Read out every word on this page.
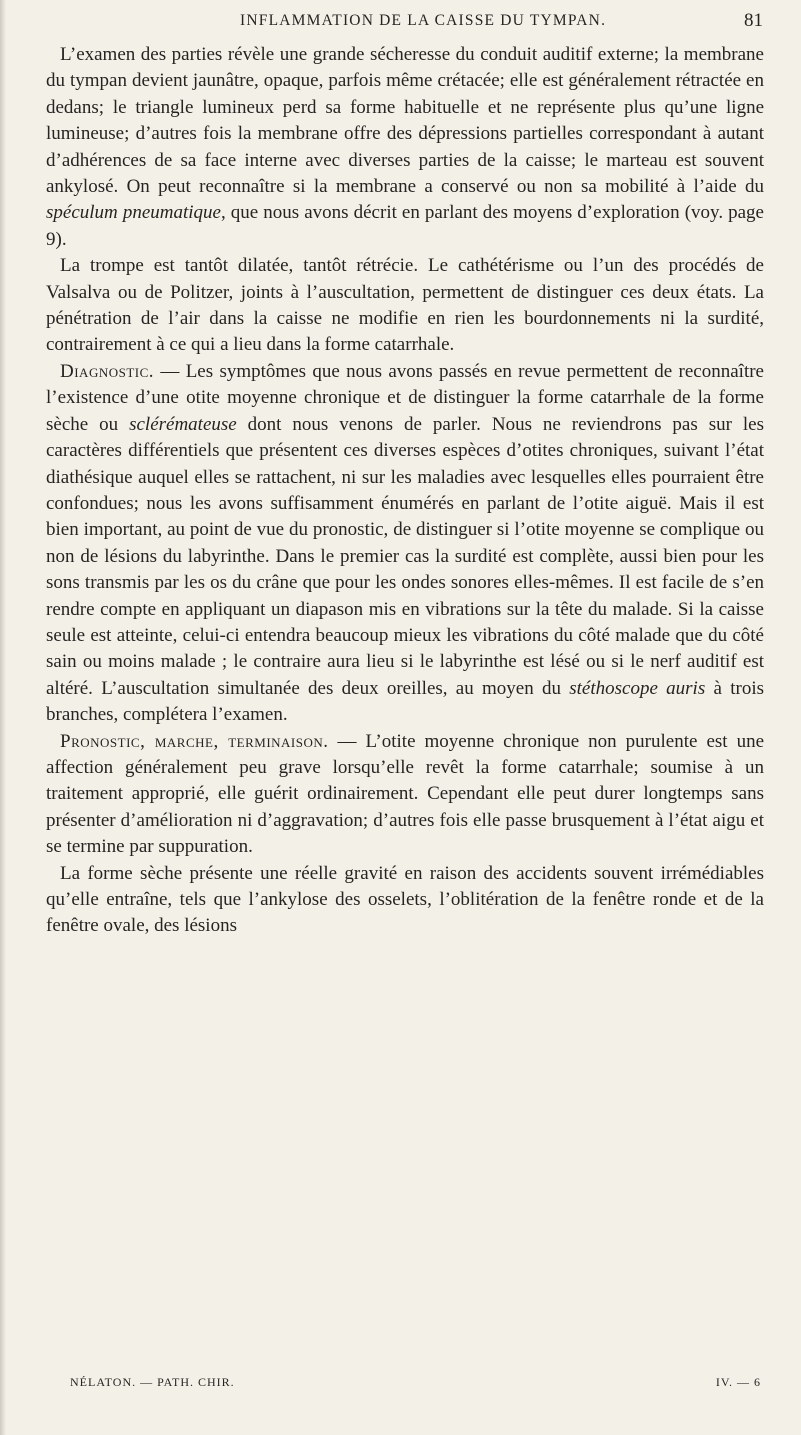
INFLAMMATION DE LA CAISSE DU TYMPAN.	81

L’examen des parties révèle une grande sécheresse du conduit auditif externe; la membrane du tympan devient jaunâtre, opaque, parfois même crétacée; elle est généralement rétractée en dedans; le triangle lumineux perd sa forme habituelle et ne représente plus qu’une ligne lumineuse; d’autres fois la membrane offre des dépressions partielles correspondant à autant d’adhérences de sa face interne avec diverses parties de la caisse; le marteau est souvent ankylosé. On peut reconnaître si la membrane a conservé ou non sa mobilité à l’aide du spéculum pneumatique, que nous avons décrit en parlant des moyens d’exploration (voy. page 9).

La trompe est tantôt dilatée, tantôt rétrécie. Le cathétérisme ou l’un des procédés de Valsalva ou de Politzer, joints à l’auscultation, permettent de distinguer ces deux états. La pénétration de l’air dans la caisse ne modifie en rien les bourdonnements ni la surdité, contrairement à ce qui a lieu dans la forme catarrhale.

Diagnostic. — Les symptômes que nous avons passés en revue permettent de reconnaître l’existence d’une otite moyenne chronique et de distinguer la forme catarrhale de la forme sèche ou sclérémateuse dont nous venons de parler. Nous ne reviendrons pas sur les caractères différentiels que présentent ces diverses espèces d’otites chroniques, suivant l’état diathésique auquel elles se rattachent, ni sur les maladies avec lesquelles elles pourraient être confondues; nous les avons suffisamment énumérés en parlant de l’otite aiguë. Mais il est bien important, au point de vue du pronostic, de distinguer si l’otite moyenne se complique ou non de lésions du labyrinthe. Dans le premier cas la surdité est complète, aussi bien pour les sons transmis par les os du crâne que pour les ondes sonores elles-mêmes. Il est facile de s’en rendre compte en appliquant un diapason mis en vibrations sur la tête du malade. Si la caisse seule est atteinte, celui-ci entendra beaucoup mieux les vibrations du côté malade que du côté sain ou moins malade ; le contraire aura lieu si le labyrinthe est lésé ou si le nerf auditif est altéré. L’auscultation simultanée des deux oreilles, au moyen du stéthoscope auris à trois branches, complétera l’examen.

Pronostic, marche, terminaison. — L’otite moyenne chronique non purulente est une affection généralement peu grave lorsqu’elle revêt la forme catarrhale; soumise à un traitement approprié, elle guérit ordinairement. Cependant elle peut durer longtemps sans présenter d’amélioration ni d’aggravation; d’autres fois elle passe brusquement à l’état aigu et se termine par suppuration.

La forme sèche présente une réelle gravité en raison des accidents souvent irrémédiables qu’elle entraîne, tels que l’ankylose des osselets, l’oblitération de la fenêtre ronde et de la fenêtre ovale, des lésions

NÉLATON. — PATH. CHIR.	IV. — 6
